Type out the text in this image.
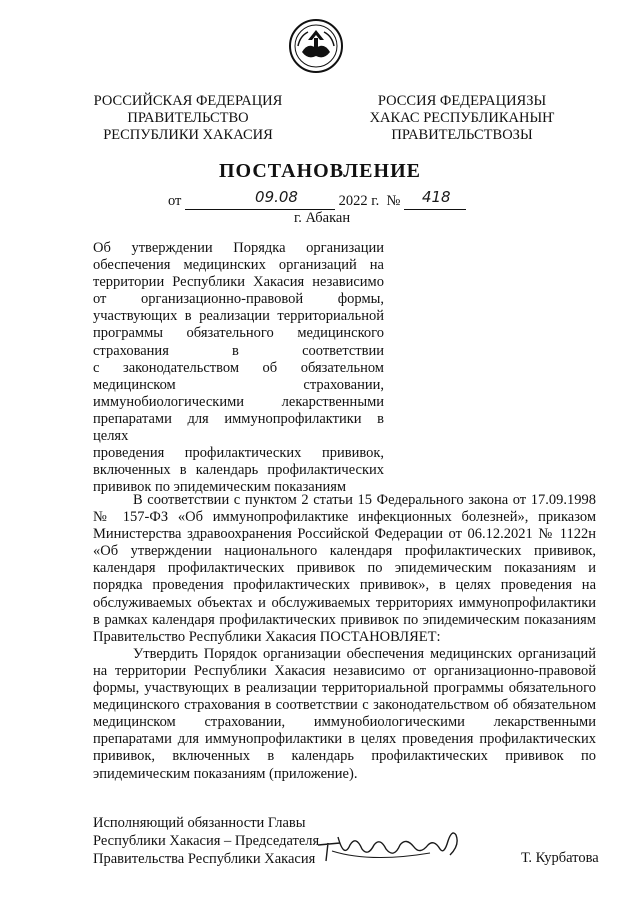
РОССИЙСКАЯ ФЕДЕРАЦИЯ
ПРАВИТЕЛЬСТВО
РЕСПУБЛИКИ ХАКАСИЯ
РОССИЯ ФЕДЕРАЦИЯЗЫ
ХАКАС РЕСПУБЛИКАНЫҤ
ПРАВИТЕЛЬСТВОЗЫ
ПОСТАНОВЛЕНИЕ
от	09.08	2022 г. № 418
г. Абакан
Об утверждении Порядка организации
обеспечения медицинских организаций на
территории Республики Хакасия независимо
от организационно-правовой формы,
участвующих в реализации территориальной
программы обязательного медицинского
страхования в соответствии
с законодательством об обязательном
медицинском страховании,
иммунобиологическими лекарственными
препаратами для иммунопрофилактики в целях
проведения профилактических прививок,
включенных в календарь профилактических
прививок по эпидемическим показаниям

В соответствии с пунктом 2 статьи 15 Федерального закона от 17.09.1998 № 157-ФЗ «Об иммунопрофилактике инфекционных болезней», приказом Министерства здравоохранения Российской Федерации от 06.12.2021 № 1122н «Об утверждении национального календаря профилактических прививок, календаря профилактических прививок по эпидемическим показаниям и порядка проведения профилактических прививок», в целях проведения на обслуживаемых объектах и обслуживаемых территориях иммунопрофилактики в рамках календаря профилактических прививок по эпидемическим показаниям Правительство Республики Хакасия ПОСТАНОВЛЯЕТ:

Утвердить Порядок организации обеспечения медицинских организаций на территории Республики Хакасия независимо от организационно-правовой формы, участвующих в реализации территориальной программы обязательного медицинского страхования в соответствии с законодательством об обязательном медицинском страховании, иммунобиологическими лекарственными препаратами для иммунопрофилактики в целях проведения профилактических прививок, включенных в календарь профилактических прививок по эпидемическим показаниям (приложение).

Исполняющий обязанности Главы
Республики Хакасия – Председателя
Правительства Республики Хакасия	Т. Курбатова
